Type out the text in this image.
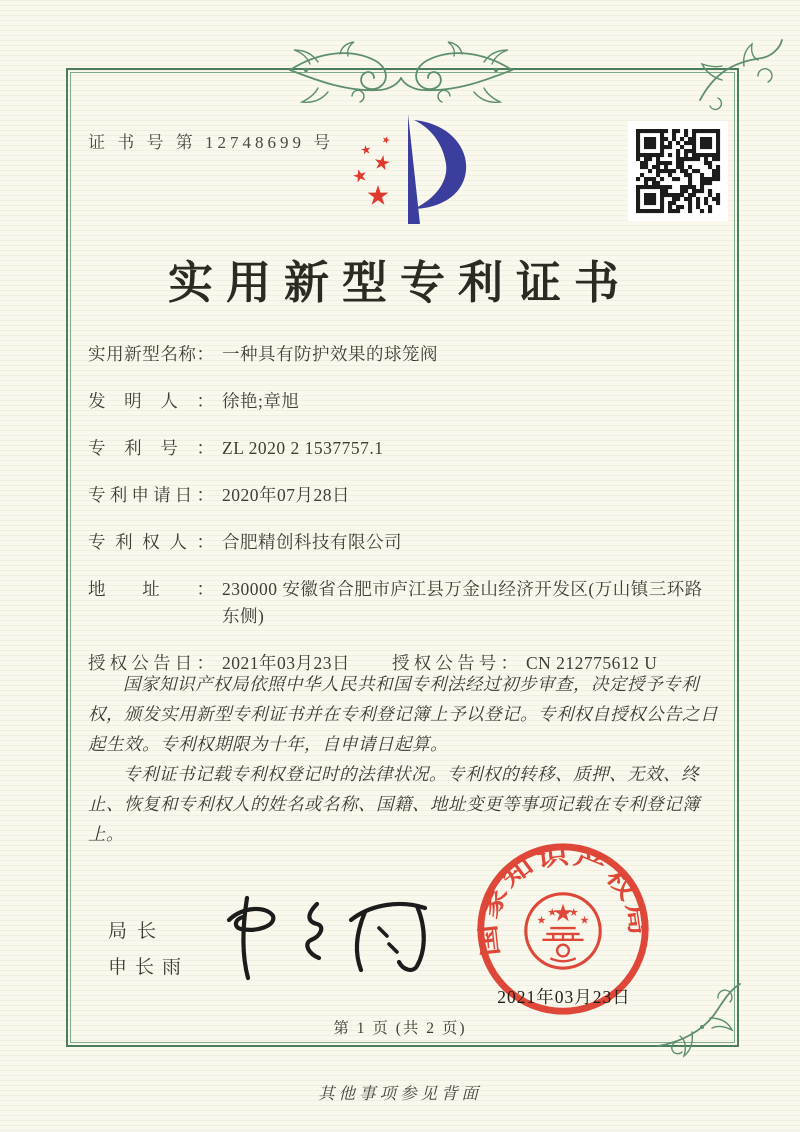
证 书 号 第 12748699 号
实用新型专利证书
实用新型名称： 一种具有防护效果的球笼阀
发明人： 徐艳;章旭
专利号： ZL 2020 2 1537757.1
专利申请日： 2020年07月28日
专利权人： 合肥精创科技有限公司
地址： 230000 安徽省合肥市庐江县万金山经济开发区(万山镇三环路东侧)
授权公告日： 2021年03月23日 授权公告号： CN 212775612 U

国家知识产权局依照中华人民共和国专利法经过初步审查，决定授予专利权，颁发实用新型专利证书并在专利登记簿上予以登记。专利权自授权公告之日起生效。专利权期限为十年，自申请日起算。

专利证书记载专利权登记时的法律状况。专利权的转移、质押、无效、终止、恢复和专利权人的姓名或名称、国籍、地址变更等事项记载在专利登记簿上。

局长
申长雨
国家知识产权局
2021年03月23日
第 1 页 (共 2 页)
其他事项参见背面
